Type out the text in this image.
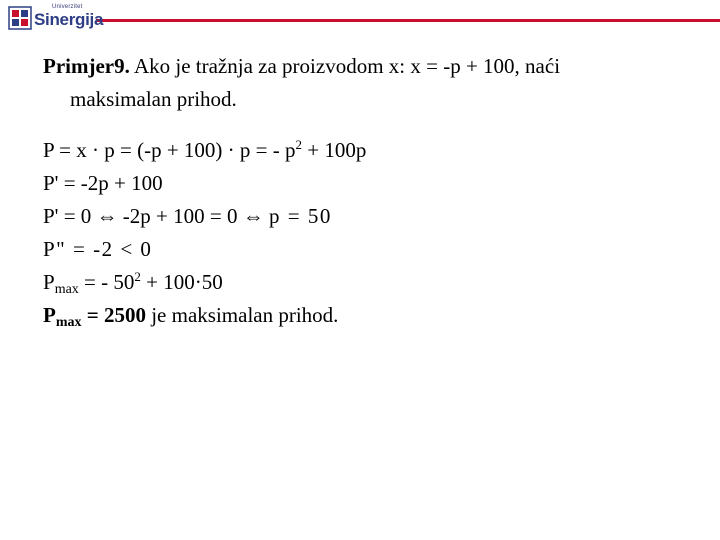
Univerzitet
Sinergija

Primjer9. Ako je tražnja za proizvodom x: x = -p + 100, naći

maksimalan prihod.

P = x · p = (-p + 100) · p = - $p^2 + 100p$

P' = -2p + 100

P' = 0 ⇔ -2p + 100 = 0 ⇔ p = 50

P" = -2 < 0

$P_{max}$ = - $50^2 + 100\cdot 50$

$P_{max} = 2500$ je maksimalan prihod.
